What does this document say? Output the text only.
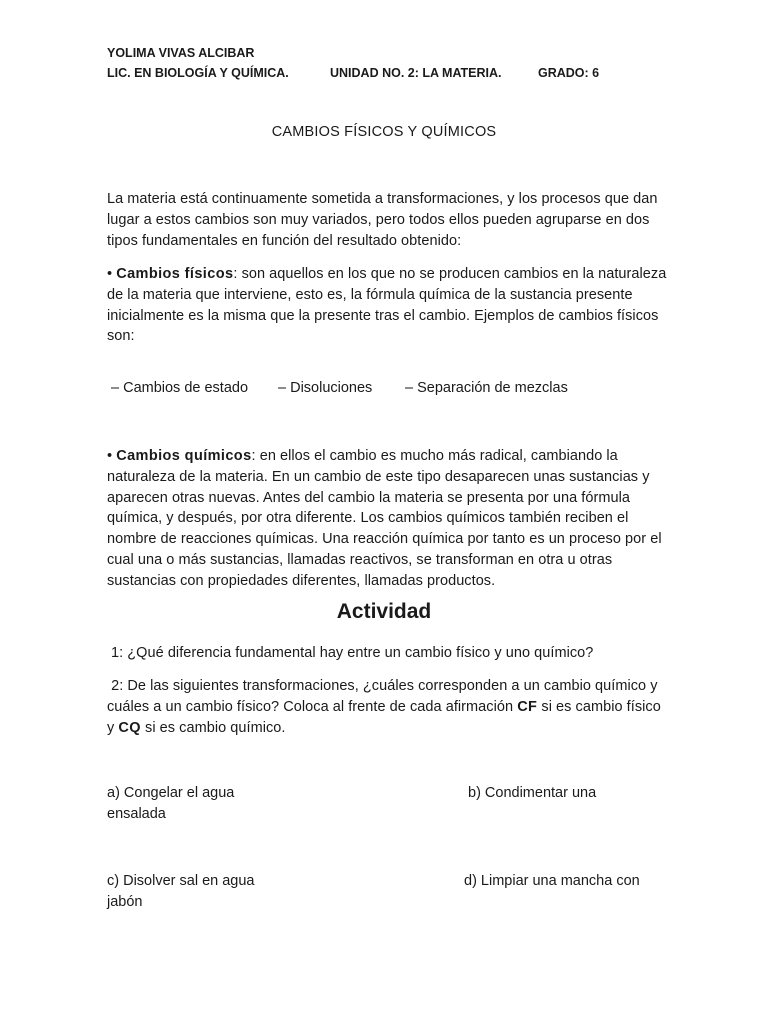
YOLIMA VIVAS ALCIBAR
LIC. EN BIOLOGÍA Y QUÍMICA.	UNIDAD NO. 2: LA MATERIA.	GRADO: 6
CAMBIOS FÍSICOS Y QUÍMICOS
La materia está continuamente sometida a transformaciones, y los procesos que dan lugar a estos cambios son muy variados, pero todos ellos pueden agruparse en dos tipos fundamentales en función del resultado obtenido:
• Cambios físicos: son aquellos en los que no se producen cambios en la naturaleza de la materia que interviene, esto es, la fórmula química de la sustancia presente inicialmente es la misma que la presente tras el cambio. Ejemplos de cambios físicos son:
– Cambios de estado – Disoluciones – Separación de mezclas
• Cambios químicos: en ellos el cambio es mucho más radical, cambiando la naturaleza de la materia. En un cambio de este tipo desaparecen unas sustancias y aparecen otras nuevas. Antes del cambio la materia se presenta por una fórmula química, y después, por otra diferente. Los cambios químicos también reciben el nombre de reacciones químicas. Una reacción química por tanto es un proceso por el cual una o más sustancias, llamadas reactivos, se transforman en otra u otras sustancias con propiedades diferentes, llamadas productos.
Actividad
1: ¿Qué diferencia fundamental hay entre un cambio físico y uno químico?
2: De las siguientes transformaciones, ¿cuáles corresponden a un cambio químico y cuáles a un cambio físico? Coloca al frente de cada afirmación CF si es cambio físico y CQ si es cambio químico.
a) Congelar el agua	b) Condimentar una
ensalada
c) Disolver sal en agua	d) Limpiar una mancha con
jabón
